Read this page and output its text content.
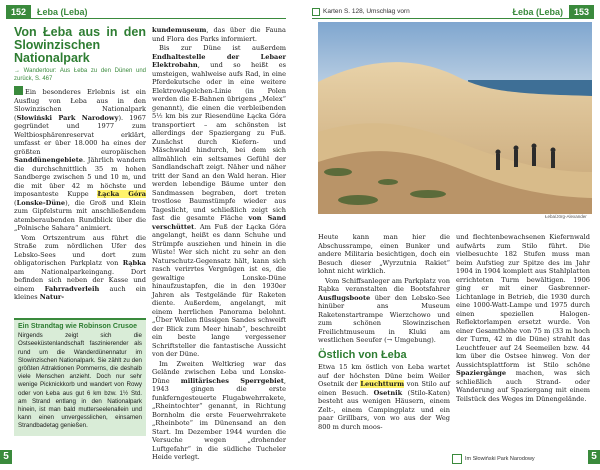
152	Łeba (Leba)	Karten S. 128, Umschlag vorn	Łeba (Leba)	153
Von Łeba aus in den Slowinzischen Nationalpark
→ Wandertour: Aus Łeba zu den Dünen und zurück, S. 467

Ein besonderes Erlebnis ist ein Ausflug von Łeba aus in den Slowinzischen Nationalpark (Słowiński Park Narodowy). 1967 gegründet und 1977 zum Weltbiosphärenreservat erklärt, umfasst er über 18.000 ha eines der größten europäischen Sanddünengebiete. Jährlich wandern die durchschnittlich 35 m hohen Sandberge zwischen 5 und 10 m, und die mit über 42 m höchste und imposanteste Kuppe Łącka Góra (Lonske-Düne), die Groß und Klein zum Gipfelsturm mit anschließendem atemberaubenden Rundblick über die „Polnische Sahara“ animiert.

Vom Ortszentrum aus führt die Straße zum nördlichen Ufer des Lebsko-Sees und dort zum obligatorischen Parkplatz von Rąbka am Nationalparkeingang. Dort befinden sich neben der Kasse und einem Fahrradverleih auch ein kleines Natur-

Ein Strandtag wie Robinson Crusoe
Nirgends zeigt sich die Ostseeküstenlandschaft faszinierender als rund um die Wanderdünennatur im Slowinzischen Nationalpark. Sie zählt zu den größten Attraktionen Pommerns, die deshalb viele Menschen anzieht. Doch nur sehr wenige Picknickkorb und wandert von Rowy oder von Łeba aus gut 6 km bzw. 1½ Std. am Strand entlang in den Nationalpark hinein, ist man bald mutterseelenallein und kann einen unvergesslichen, einsamen Strandbadetag genießen.

kundemuseum, das über die Fauna und Flora des Parks informiert.

Bis zur Düne ist außerdem Endhaltestelle der Lebaer Elektrobahn, und so heißt es umsteigen, wahlweise aufs Rad, in eine Pferdekutsche oder in eine weitere Elektrowägelchen-Linie (in Polen werden die E-Bahnen übrigens „Melex“ genannt), die einen die verbleibenden 5½ km bis zur Riesendüne Łącka Góra transportiert – am schönsten ist allerdings der Spaziergang zu Fuß. Zunächst durch Kiefern- und Mäschwald hindurch, bei dem sich allmählich ein seltsames Gefühl der Sandlandschaft zeigt. Näher und näher tritt der Sand an den Wald heran. Hier werden lebendige Bäume unter den Sandmassen begraben, dort treten trostlose Baumstümpfe wieder aus Tageslicht, und schließlich zeigt sich fast die gesamte Fläche von Sand verschüttet. Am Fuß der Łącka Góra angelangt, heißt es dann Schuhe und Strümpfe ausziehen und hinein in die Wüste! Wer sich nicht zu sehr an den Naturschutz-Gegensatz hält, kann sich rasch verirrtes Vergnügen ist es, die gewaltige Lonske-Düne hinaufzustapfen, die in den 1930er Jahren als Testgelände für Raketen diente. Außerdem, angelangt, mit einem herrlichen Panorama belohnt. „Über Wellen flüssigen Sandes schweift der Blick zum Meer hinab“, beschreibt ein beste lange vergessener Schriftsteller die fantastische Aussicht von der Düne.

Im Zweiten Weltkrieg war das Gelände zwischen Łeba und Lonske-Düne militärisches Sperrgebiet, 1943 gingen die erste funkferngesteuerte Flugabwehrrakete, „Rheintochter“ genannt, in Richtung Bornholm die erste Feuerwehrrakete „Rheinbote“ im Dünensand an den Start. Im Dezember 1944 wurden die Versuche wegen „drohender Luftgefahr“ in die südliche Tucheler Heide verlegt.

Łeba/Jörg-Alexander

Heute kann man hier die Abschussrampe, einen Bunker und andere Militaria besichtigen, doch ein Besuch dieser „Wyrzutnia Rakiet“ lohnt nicht wirklich.

Vom Schiffsanleger am Parkplatz von Rąbka veranstalten die Bootsfahrer Ausflugsboote über den Lebsko-See hinüber ans Museum Raketenstartrampe Wierzchowo und zum schönen Slowinzischen Freilichtmuseum in Kluki am westlichen Seeufer (→ Umgebung).

Östlich von Łeba

Etwa 15 km östlich von Łeba wartet auf der höchsten Düne beim Weiler Osetnik der Leuchtturm von Stilo auf einen Besuch. Osetnik (Stilo-Katen) besteht aus wenigen Häusern, einem Zelt-, einem Campingplatz und ein paar Grillbars, von wo aus der Weg 800 m durch moos-

und flechtenbewachsenen Kiefernwald aufwärts zum Stilo führt. Die vielbesuchte 182 Stufen muss man beim Aufstieg zur Spitze des im Jahr 1904 in 1904 komplett aus Stahlplatten errichteten Turm bewältigen. 1906 ging er mit einer Gasbrenner-Lichtanlage in Betrieb, die 1930 durch eine 1000-Watt-Lampe und 1975 durch einen speziellen Halogen-Reflektorlampen ersetzt wurde. Von einer Gesamthöhe von 75 m (33 m hoch der Turm, 42 m die Düne) strahlt das Leuchtfeuer auf 24 Seemeilen bzw. 44 km über die Ostsee hinweg. Von der Aussichtsplattform ist Stilo schöne Spaziergänge machen, was sich schließlich auch Strand- oder Wanderung auf Spaziergang mit einem Teilstück des Weges im Dünengelände.

Im Słowiński Park Narodowy
5	5
